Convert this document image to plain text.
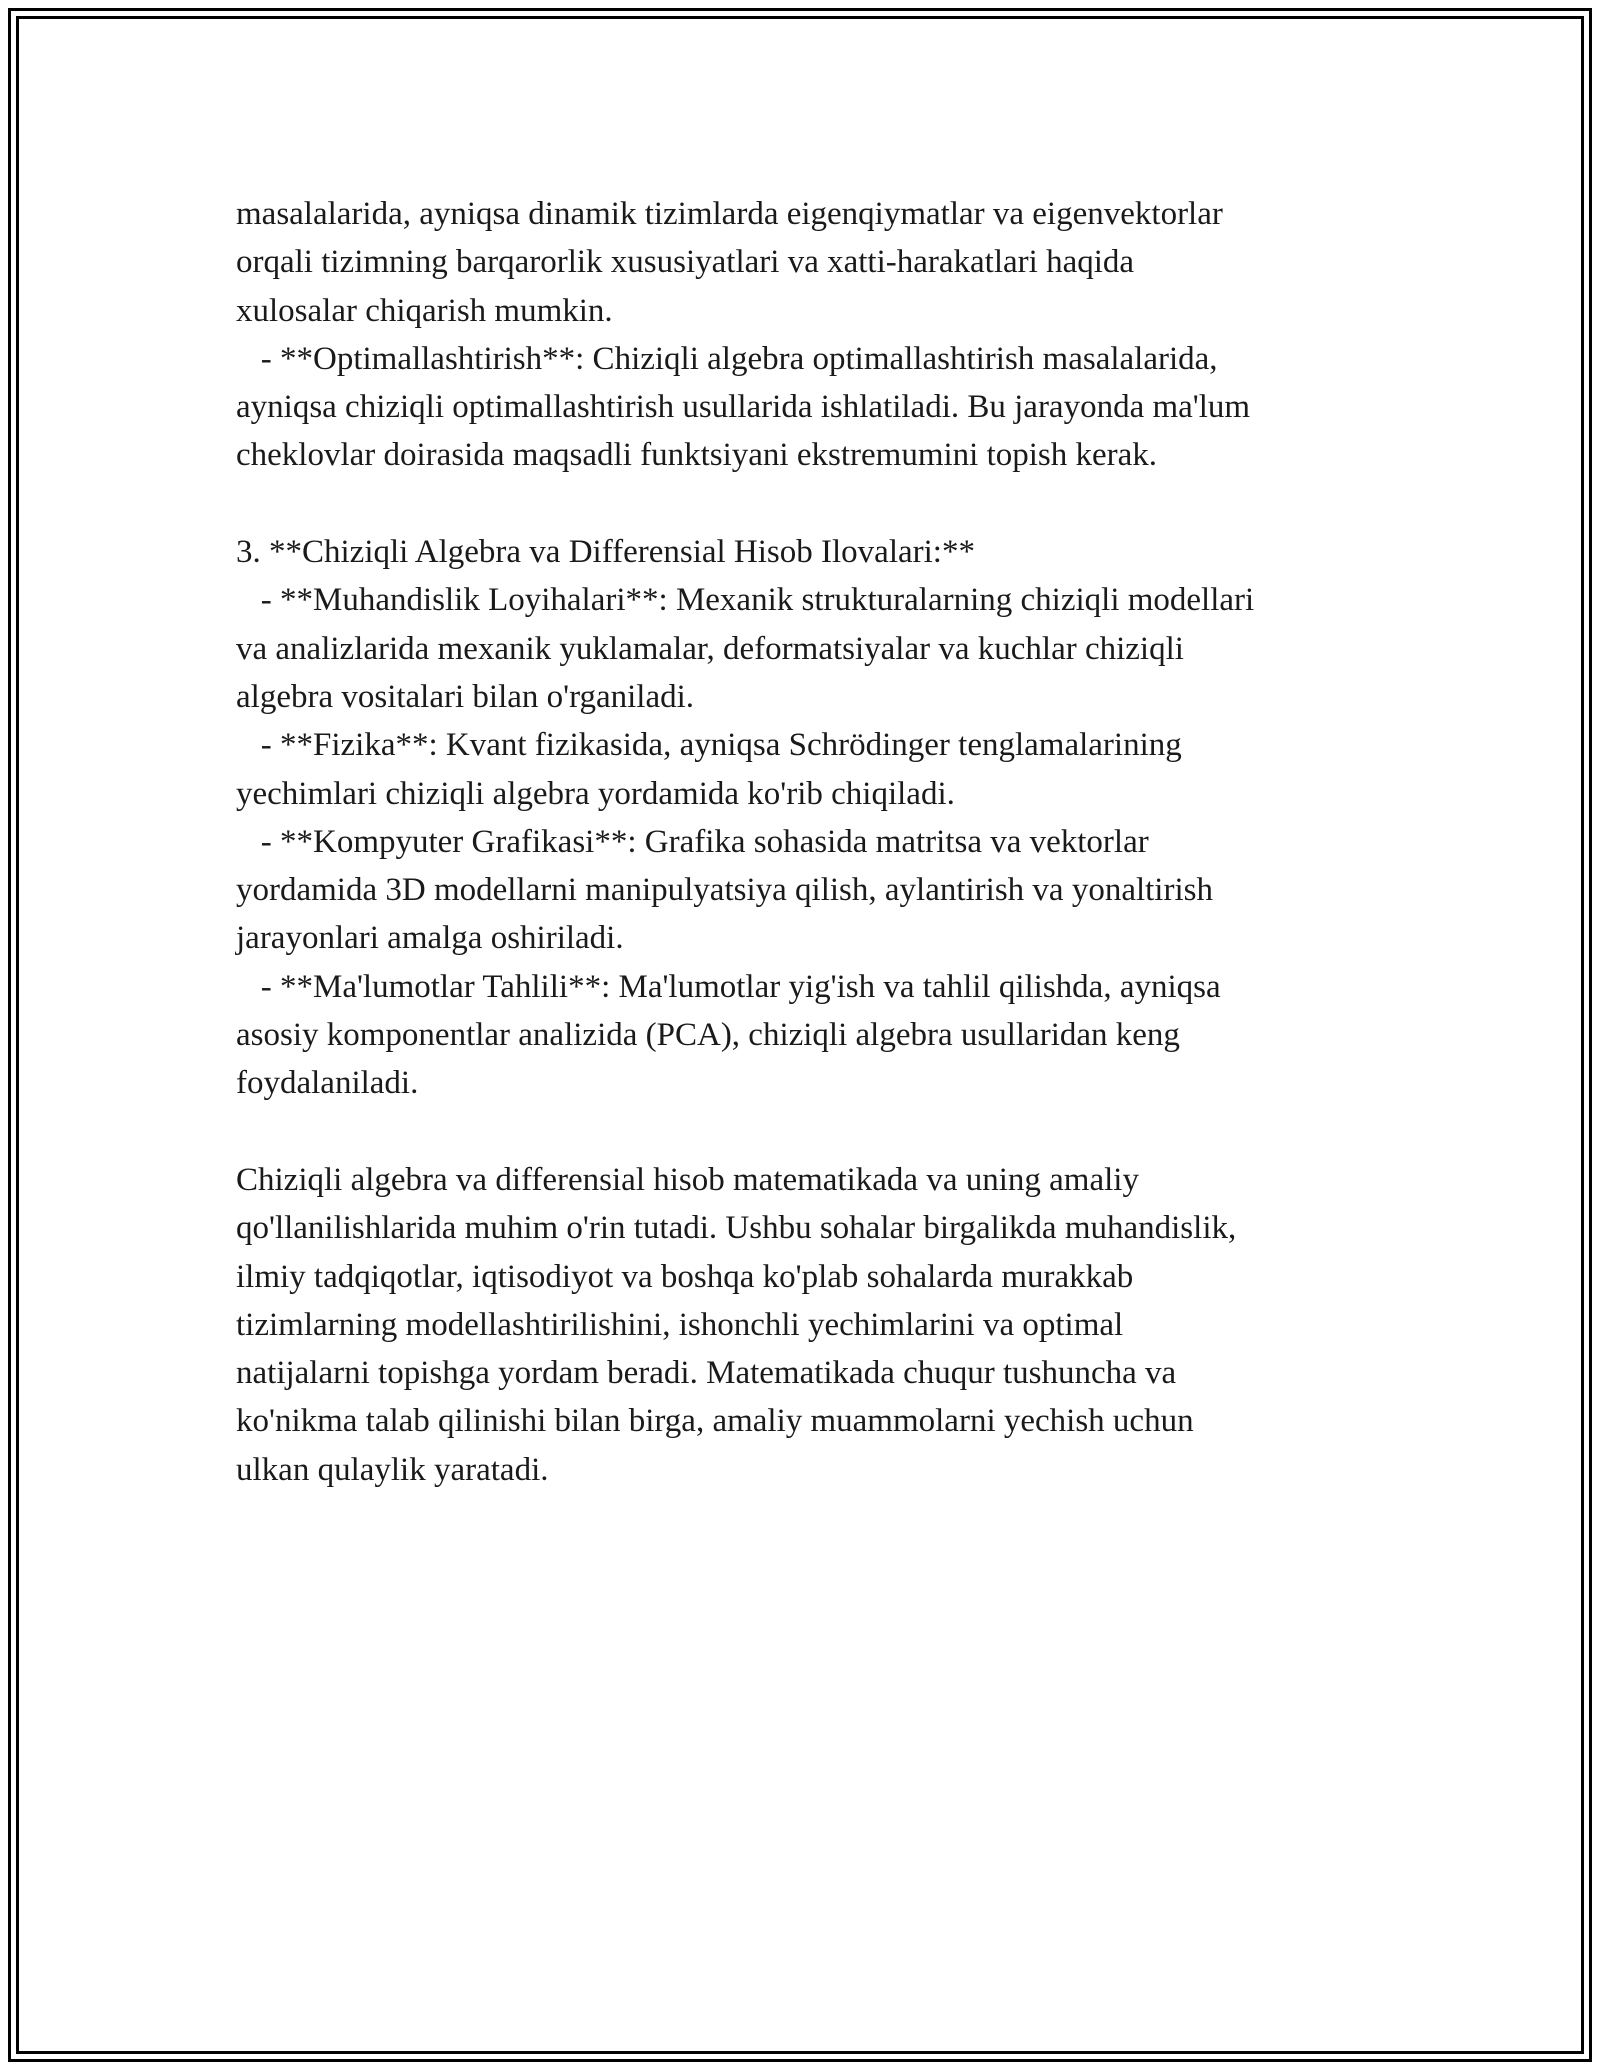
masalalarida, ayniqsa dinamik tizimlarda eigenqiymatlar va eigenvektorlar
orqali tizimning barqarorlik xususiyatlari va xatti-harakatlari haqida
xulosalar chiqarish mumkin.
- **Optimallashtirish**: Chiziqli algebra optimallashtirish masalalarida,
ayniqsa chiziqli optimallashtirish usullarida ishlatiladi. Bu jarayonda ma'lum
cheklovlar doirasida maqsadli funktsiyani ekstremumini topish kerak.
3. **Chiziqli Algebra va Differensial Hisob Ilovalari:**
- **Muhandislik Loyihalari**: Mexanik strukturalarning chiziqli modellari
va analizlarida mexanik yuklamalar, deformatsiyalar va kuchlar chiziqli
algebra vositalari bilan o'rganiladi.
- **Fizika**: Kvant fizikasida, ayniqsa Schrödinger tenglamalarining
yechimlari chiziqli algebra yordamida ko'rib chiqiladi.
- **Kompyuter Grafikasi**: Grafika sohasida matritsa va vektorlar
yordamida 3D modellarni manipulyatsiya qilish, aylantirish va yonaltirish
jarayonlari amalga oshiriladi.
- **Ma'lumotlar Tahlili**: Ma'lumotlar yig'ish va tahlil qilishda, ayniqsa
asosiy komponentlar analizida (PCA), chiziqli algebra usullaridan keng
foydalaniladi.
Chiziqli algebra va differensial hisob matematikada va uning amaliy
qo'llanilishlarida muhim o'rin tutadi. Ushbu sohalar birgalikda muhandislik,
ilmiy tadqiqotlar, iqtisodiyot va boshqa ko'plab sohalarda murakkab
tizimlarning modellashtirilishini, ishonchli yechimlarini va optimal
natijalarni topishga yordam beradi. Matematikada chuqur tushuncha va
ko'nikma talab qilinishi bilan birga, amaliy muammolarni yechish uchun
ulkan qulaylik yaratadi.
